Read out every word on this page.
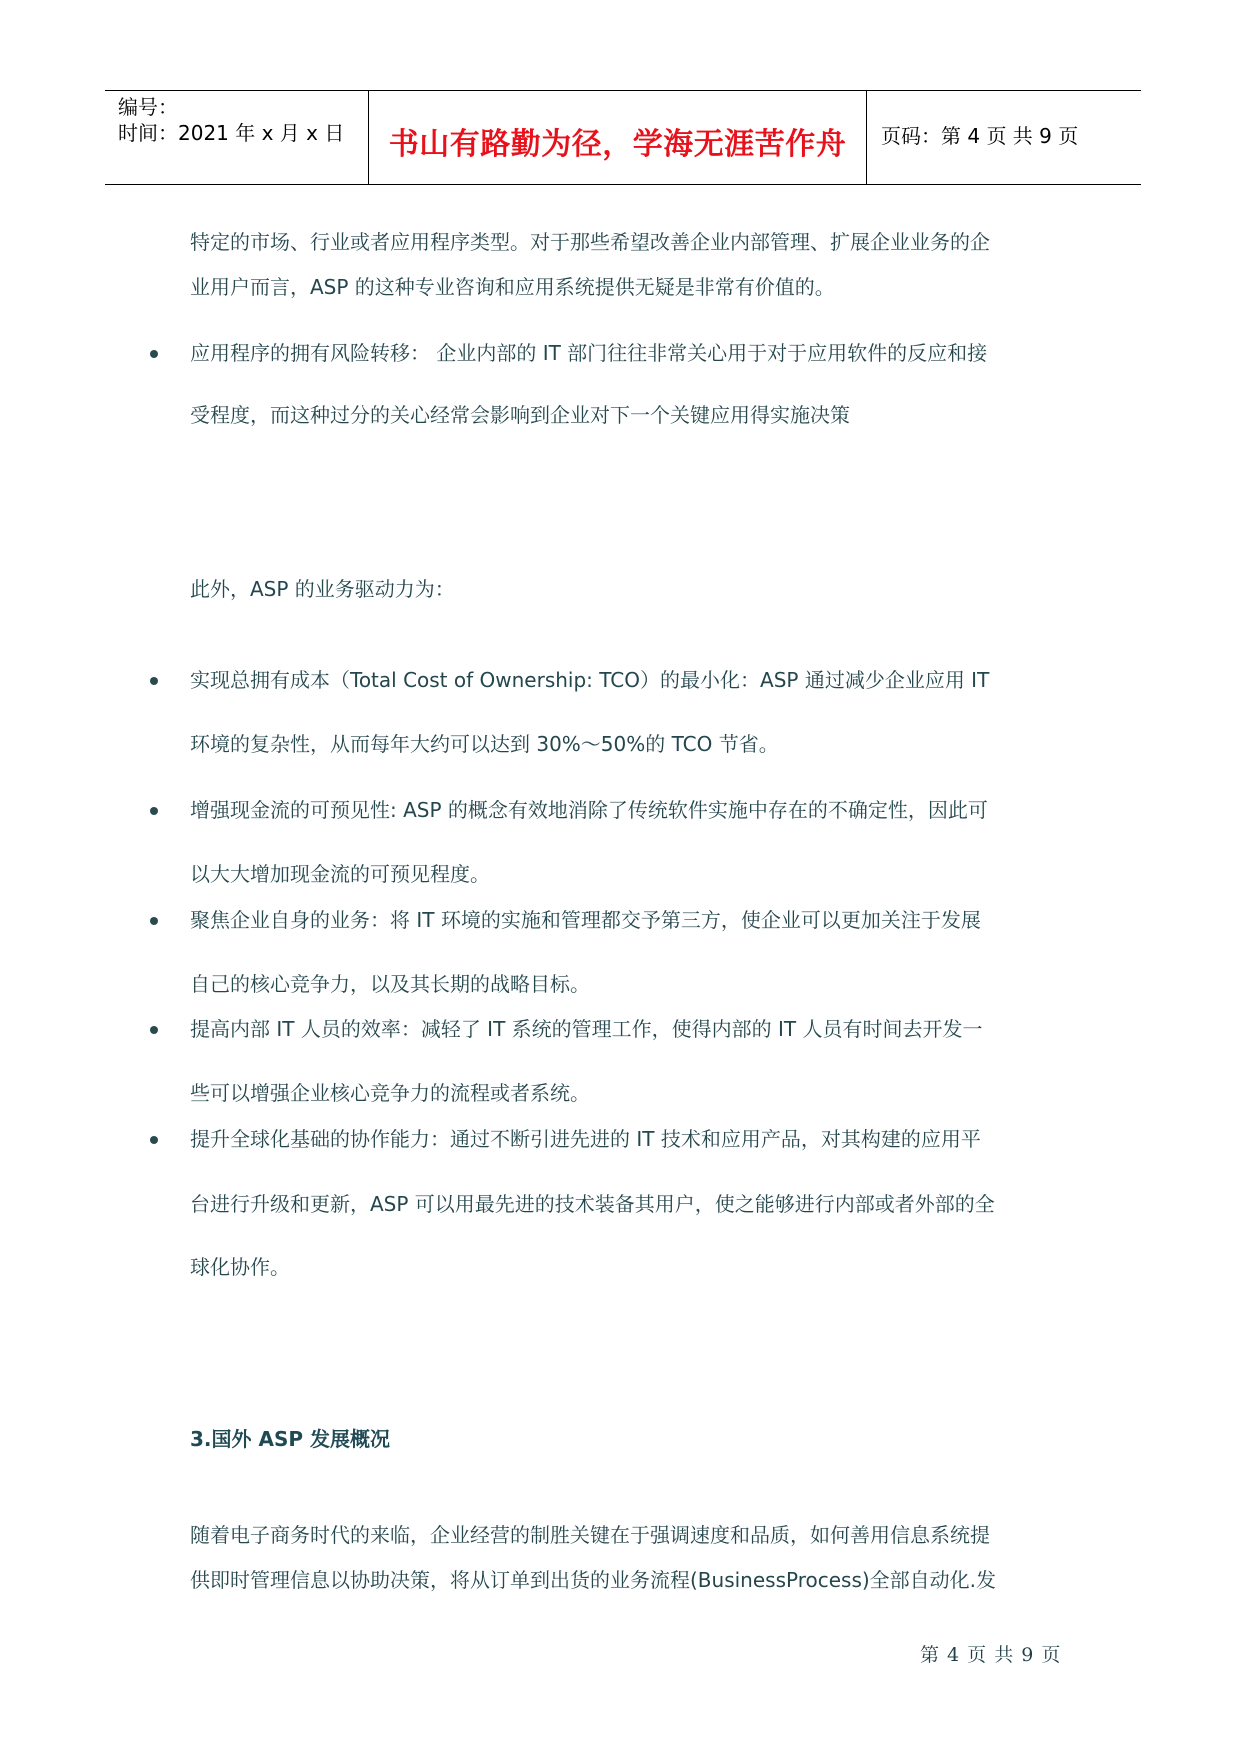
编号：
时间：2021 年 x 月 x 日	书山有路勤为径，学海无涯苦作舟	页码：第 4 页 共 9 页
特定的市场、行业或者应用程序类型。对于那些希望改善企业内部管理、扩展企业业务的企
业用户而言，ASP 的这种专业咨询和应用系统提供无疑是非常有价值的。
应用程序的拥有风险转移： 企业内部的 IT 部门往往非常关心用于对于应用软件的反应和接
受程度，而这种过分的关心经常会影响到企业对下一个关键应用得实施决策
此外，ASP 的业务驱动力为：
实现总拥有成本（Total Cost of Ownership: TCO）的最小化：ASP 通过减少企业应用 IT
环境的复杂性，从而每年大约可以达到 30%～50%的 TCO 节省。
增强现金流的可预见性: ASP 的概念有效地消除了传统软件实施中存在的不确定性，因此可
以大大增加现金流的可预见程度。
聚焦企业自身的业务：将 IT 环境的实施和管理都交予第三方，使企业可以更加关注于发展
自己的核心竞争力，以及其长期的战略目标。
提高内部 IT 人员的效率：减轻了 IT 系统的管理工作，使得内部的 IT 人员有时间去开发一
些可以增强企业核心竞争力的流程或者系统。
提升全球化基础的协作能力：通过不断引进先进的 IT 技术和应用产品，对其构建的应用平
台进行升级和更新，ASP 可以用最先进的技术装备其用户，使之能够进行内部或者外部的全
球化协作。
3.国外 ASP 发展概况
随着电子商务时代的来临，企业经营的制胜关键在于强调速度和品质，如何善用信息系统提
供即时管理信息以协助决策，将从订单到出货的业务流程(BusinessProcess)全部自动化.发
第 4 页 共 9 页
